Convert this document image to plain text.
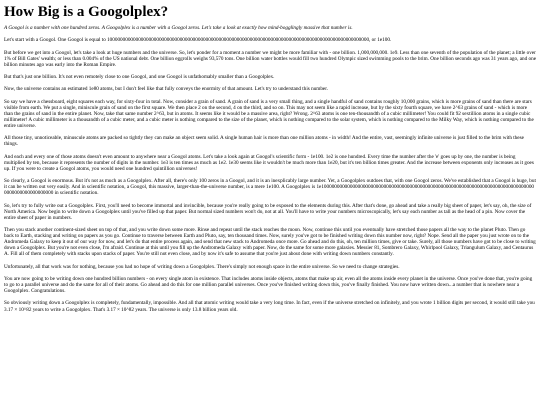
How Big is a Googolplex?

A Googol is a number with one hundred zeros. A Googolplex is a number with a Googol zeros. Let's take a look at exactly how mind-bogglingly massive that number is.

Let's start with a Googol. One Googol is equal to 10000000000000000000000000000000000000000000000000000000000000000000000000000000000000000000000000000, or 1e100.

But before we get into a Googol, let's take a look at huge numbers and the universe. So, let's ponder for a moment a number we might be more familiar with - one billion. 1,000,000,000. 1e9. Less than one seventh of the population of the planet; a little over 1% of Bill Gates' wealth; or less than 0.004% of the US national debt. One billion eggrolls weighs 93,570 tons. One billion water bottles would fill two hundred Olympic sized swimming pools to the brim. One billion seconds ago was 31 years ago, and one billion minutes ago was early into the Roman Empire.

But that's just one billion. It's not even remotely close to one Googol, and one Googol is unfathomably smaller than a Googolplex.

Now, the universe contains an estimated 1e80 atoms, but I don't feel like that fully conveys the enormity of that amount. Let's try to understand this number.

So say we have a chessboard, eight squares each way, for sixty-four in total. Now, consider a grain of sand. A grain of sand is a very small thing, and a single handful of sand contains roughly 10,000 grains, which is more grains of sand than there are stars visible from earth. We put a single, miniscule grain of sand on the first square. We then place 2 on the second, 4 on the third, and so on. This may not seem like a rapid increase, but by the sixty fourth square, we have 2^63 grains of sand - which is more than the grains of sand in the entire planet. Now, take that same number 2^63, but in atoms. It seems like it would be a massive area, right? Wrong. 2^63 atoms is one ten-thousandth of a cubic millimeter! You could fit 92 sextillion atoms in a single cubic millimeter! A cubic millimeter is a thousandth of a cubic meter, and a cubic meter is nothing compared to the size of the planet, which is nothing compared to the solar system, which is nothing compared to the Milky Way, which is nothing compared to the entire universe.

All those tiny, unnoticeable, minuscule atoms are packed so tightly they can make an object seem solid. A single human hair is more than one million atoms - in width! And the entire, vast, seemingly infinite universe is just filled to the brim with these things.

And each and every one of those atoms doesn't even amount to anywhere near a Googol atoms. Let's take a look again at Googol's scientific form - 1e100. 1e2 is one hundred. Every time the number after the 'e' goes up by one, the number is being multiplied by ten, because it represents the number of digits in the number. 1e3 is ten times as much as 1e2. 1e30 seems like it wouldn't be much more than 1e20, but it's ten billion times greater. And the increase between exponents only increases as it goes up. If you were to create a Googol atoms, you would need one hundred quintillion universes!

So clearly, a Googol is enormous. But it's not as much as a Googolplex. After all, there's only 100 zeros in a Googol, and it is an inexplicably large number. Yet, a Googolplex outdoes that, with one Googol zeros. We've established that a Googol is huge, but it can be written out very easily. And in scientific notation, a Googol, this massive, larger-than-the-universe number, is a mere 1e100. A Googolplex is 1e10000000000000000000000000000000000000000000000000000000000000000000000000000000000000000000000000000 in scientific notation.

So, let's try to fully write out a Googolplex. First, you'll need to become immortal and invincible, because you're really going to be exposed to the elements during this. After that's done, go ahead and take a really big sheet of paper, let's say, oh, the size of North America. Now begin to write down a Googolplex until you've filled up that paper. But normal sized numbers won't do, not at all. You'll have to write your numbers microscopically, let's say each number as tall as the head of a pin. Now cover the entire sheet of paper in numbers.

Then you stack another continent-sized sheet on top of that, and you write down some more. Rinse and repeat until the stack reaches the moon. Now, continue this until you eventually have stretched those papers all the way to the planet Pluto. Then go back to Earth, stacking and writing on papers as you go. Continue to traverse between Earth and Pluto, say, ten thousand times. Now, surely you've got to be finished writing down this number now, right? Nope. Send all the paper you just wrote on to the Andromeda Galaxy to keep it out of our way for now, and let's do that entire process again, and send that new stack to Andromeda once more. Go ahead and do this, oh, ten million times, give or take. Surely, all those numbers have got to be close to writing down a Googolplex. But you're not even close, I'm afraid. Continue at this until you fill up the Andromeda Galaxy with paper. Now, do the same for some more galaxies. Messier 81, Sombrero Galaxy, Whirlpool Galaxy, Triangulum Galaxy, and Centaurus A. Fill all of them completely with stacks upon stacks of paper. You're still not even close, and by now it's safe to assume that you're just about done with writing down numbers constantly.

Unfortunately, all that work was for nothing, because you had no hope of writing down a Googolplex. There's simply not enough space in the entire universe. So we need to change strategies.

You are now going to be writing down one hundred billion numbers - on every single atom in existence. That includes atoms inside objects, atoms that make up air, even all the atoms inside every planet in the universe. Once you've done that, you're going to go to a parallel universe and do the same for all of their atoms. Go ahead and do this for one million parallel universes. Once you've finished writing down this, you've finally finished. You now have written down...a number that is nowhere near a Googolplex. Congratulations.

So obviously writing down a Googolplex is completely, fundamentally, impossible. And all that atomic writing would take a very long time. In fact, even if the universe stretched on infinitely, and you wrote 1 billion digits per second, it would still take you 3.17 × 10^82 years to write a Googolplex. That's 3.17 × 10^82 years. The universe is only 13.8 billion years old.
